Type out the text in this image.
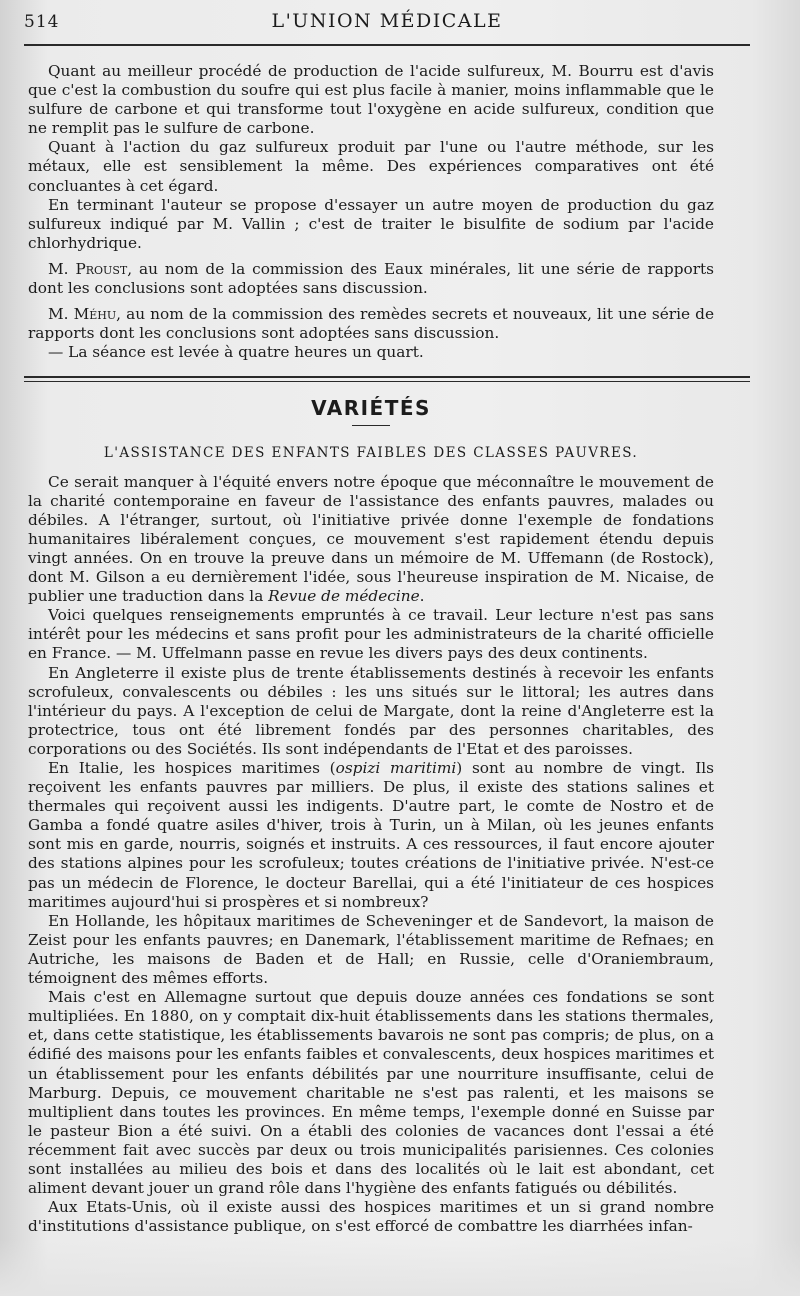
514	L'UNION MÉDICALE

Quant au meilleur procédé de production de l'acide sulfureux, M. Bourru est d'avis que c'est la combustion du soufre qui est plus facile à manier, moins inflammable que le sulfure de carbone et qui transforme tout l'oxygène en acide sulfureux, condition que ne remplit pas le sulfure de carbone.

Quant à l'action du gaz sulfureux produit par l'une ou l'autre méthode, sur les métaux, elle est sensiblement la même. Des expériences comparatives ont été concluantes à cet égard.

En terminant l'auteur se propose d'essayer un autre moyen de production du gaz sulfureux indiqué par M. Vallin ; c'est de traiter le bisulfite de sodium par l'acide chlorhydrique.

M. Proust, au nom de la commission des Eaux minérales, lit une série de rapports dont les conclusions sont adoptées sans discussion.

M. Méhu, au nom de la commission des remèdes secrets et nouveaux, lit une série de rapports dont les conclusions sont adoptées sans discussion.

— La séance est levée à quatre heures un quart.

VARIÉTÉS
L'ASSISTANCE DES ENFANTS FAIBLES DES CLASSES PAUVRES.

Ce serait manquer à l'équité envers notre époque que méconnaître le mouvement de la charité contemporaine en faveur de l'assistance des enfants pauvres, malades ou débiles. A l'étranger, surtout, où l'initiative privée donne l'exemple de fondations humanitaires libéralement conçues, ce mouvement s'est rapidement étendu depuis vingt années. On en trouve la preuve dans un mémoire de M. Uffemann (de Rostock), dont M. Gilson a eu dernièrement l'idée, sous l'heureuse inspiration de M. Nicaise, de publier une traduction dans la Revue de médecine.

Voici quelques renseignements empruntés à ce travail. Leur lecture n'est pas sans intérêt pour les médecins et sans profit pour les administrateurs de la charité officielle en France. — M. Uffelmann passe en revue les divers pays des deux continents.

En Angleterre il existe plus de trente établissements destinés à recevoir les enfants scrofuleux, convalescents ou débiles : les uns situés sur le littoral; les autres dans l'intérieur du pays. A l'exception de celui de Margate, dont la reine d'Angleterre est la protectrice, tous ont été librement fondés par des personnes charitables, des corporations ou des Sociétés. Ils sont indépendants de l'Etat et des paroisses.

En Italie, les hospices maritimes (ospizi maritimi) sont au nombre de vingt. Ils reçoivent les enfants pauvres par milliers. De plus, il existe des stations salines et thermales qui reçoivent aussi les indigents. D'autre part, le comte de Nostro et de Gamba a fondé quatre asiles d'hiver, trois à Turin, un à Milan, où les jeunes enfants sont mis en garde, nourris, soignés et instruits. A ces ressources, il faut encore ajouter des stations alpines pour les scrofuleux; toutes créations de l'initiative privée. N'est-ce pas un médecin de Florence, le docteur Barellai, qui a été l'initiateur de ces hospices maritimes aujourd'hui si prospères et si nombreux?

En Hollande, les hôpitaux maritimes de Scheveninger et de Sandevort, la maison de Zeist pour les enfants pauvres; en Danemark, l'établissement maritime de Refnaes; en Autriche, les maisons de Baden et de Hall; en Russie, celle d'Oraniembraum, témoignent des mêmes efforts.

Mais c'est en Allemagne surtout que depuis douze années ces fondations se sont multipliées. En 1880, on y comptait dix-huit établissements dans les stations thermales, et, dans cette statistique, les établissements bavarois ne sont pas compris; de plus, on a édifié des maisons pour les enfants faibles et convalescents, deux hospices maritimes et un établissement pour les enfants débilités par une nourriture insuffisante, celui de Marburg. Depuis, ce mouvement charitable ne s'est pas ralenti, et les maisons se multiplient dans toutes les provinces. En même temps, l'exemple donné en Suisse par le pasteur Bion a été suivi. On a établi des colonies de vacances dont l'essai a été récemment fait avec succès par deux ou trois municipalités parisiennes. Ces colonies sont installées au milieu des bois et dans des localités où le lait est abondant, cet aliment devant jouer un grand rôle dans l'hygiène des enfants fatigués ou débilités.

Aux Etats-Unis, où il existe aussi des hospices maritimes et un si grand nombre d'institutions d'assistance publique, on s'est efforcé de combattre les diarrhées infan-
